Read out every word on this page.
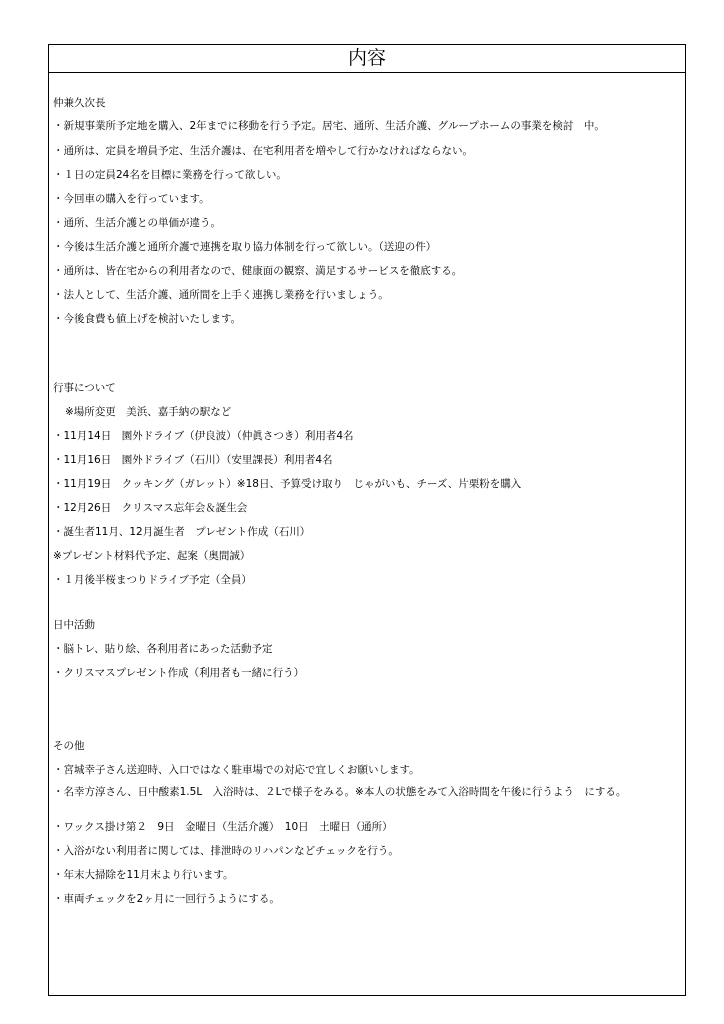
内容
仲兼久次長
・新規事業所予定地を購入、2年までに移動を行う予定。居宅、通所、生活介護、グループホームの事業を検討　中。
・通所は、定員を増員予定、生活介護は、在宅利用者を増やして行かなければならない。
・１日の定員24名を目標に業務を行って欲しい。
・今回車の購入を行っています。
・通所、生活介護との単価が違う。
・今後は生活介護と通所介護で連携を取り協力体制を行って欲しい。（送迎の件）
・通所は、皆在宅からの利用者なので、健康面の観察、満足するサービスを徹底する。
・法人として、生活介護、通所間を上手く連携し業務を行いましょう。
・今後食費も値上げを検討いたします。
行事について
※場所変更　美浜、嘉手納の駅など
・11月14日　園外ドライブ（伊良波）（仲眞さつき）利用者4名
・11月16日　園外ドライブ（石川）（安里課長）利用者4名
・11月19日　クッキング（ガレット）※18日、予算受け取り　じゃがいも、チーズ、片栗粉を購入
・12月26日　クリスマス忘年会＆誕生会
・誕生者11月、12月誕生者　プレゼント作成（石川）
※プレゼント材料代予定、起案（奥間誠）
・１月後半桜まつりドライブ予定（全員）
日中活動
・脳トレ、貼り絵、各利用者にあった活動予定
・クリスマスプレゼント作成（利用者も一緒に行う）
その他
・宮城幸子さん送迎時、入口ではなく駐車場での対応で宜しくお願いします。
・名幸方淳さん、日中酸素1.5L　入浴時は、２Lで様子をみる。※本人の状態をみて入浴時間を午後に行うよう　にする。
・ワックス掛け第２　9日　金曜日（生活介護）　10日　土曜日（通所）
・入浴がない利用者に関しては、排泄時のリハパンなどチェックを行う。
・年末大掃除を11月末より行います。
・車両チェックを2ヶ月に一回行うようにする。
